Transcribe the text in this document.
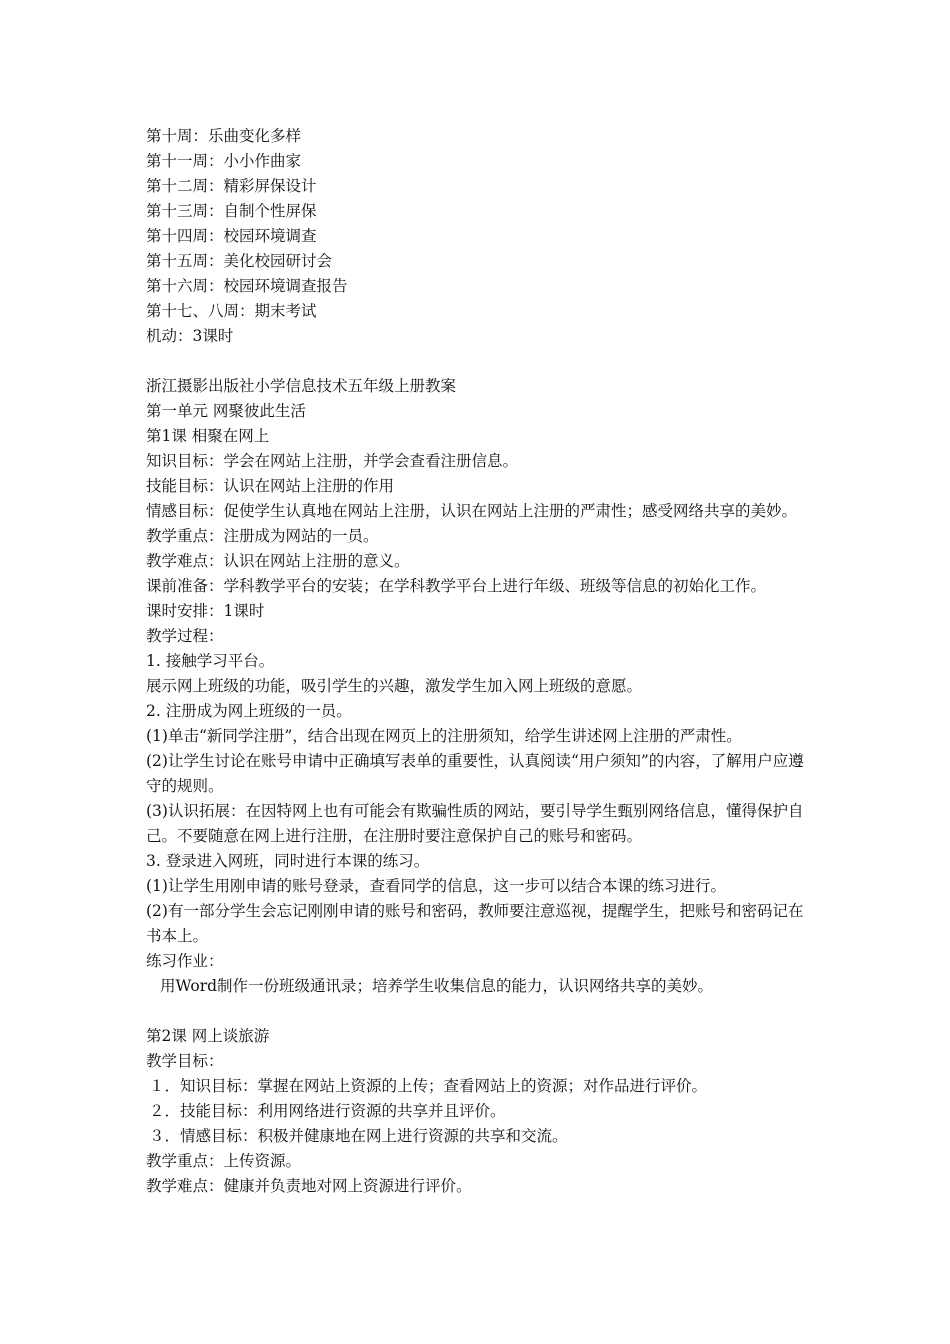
第十周：乐曲变化多样

第十一周：小小作曲家

第十二周：精彩屏保设计

第十三周：自制个性屏保

第十四周：校园环境调查

第十五周：美化校园研讨会

第十六周：校园环境调查报告

第十七、八周：期末考试

机动：3课时

浙江摄影出版社小学信息技术五年级上册教案

第一单元 网聚彼此生活

第1课 相聚在网上

知识目标：学会在网站上注册，并学会查看注册信息。

技能目标：认识在网站上注册的作用

情感目标：促使学生认真地在网站上注册，认识在网站上注册的严肃性；感受网络共享的美妙。

教学重点：注册成为网站的一员。

教学难点：认识在网站上注册的意义。

课前准备：学科教学平台的安装；在学科教学平台上进行年级、班级等信息的初始化工作。

课时安排：1课时

教学过程：

1. 接触学习平台。

展示网上班级的功能，吸引学生的兴趣，激发学生加入网上班级的意愿。

2. 注册成为网上班级的一员。

(1)单击“新同学注册”，结合出现在网页上的注册须知，给学生讲述网上注册的严肃性。

(2)让学生讨论在账号申请中正确填写表单的重要性，认真阅读“用户须知”的内容，了解用户应遵守的规则。

(3)认识拓展：在因特网上也有可能会有欺骗性质的网站，要引导学生甄别网络信息，懂得保护自己。不要随意在网上进行注册，在注册时要注意保护自己的账号和密码。

3. 登录进入网班，同时进行本课的练习。

(1)让学生用刚申请的账号登录，查看同学的信息，这一步可以结合本课的练习进行。

(2)有一部分学生会忘记刚刚申请的账号和密码，教师要注意巡视，提醒学生，把账号和密码记在书本上。

练习作业：

用Word制作一份班级通讯录；培养学生收集信息的能力，认识网络共享的美妙。

第2课 网上谈旅游

教学目标：

１．知识目标：掌握在网站上资源的上传；查看网站上的资源；对作品进行评价。

２．技能目标：利用网络进行资源的共享并且评价。

３．情感目标：积极并健康地在网上进行资源的共享和交流。

教学重点：上传资源。

教学难点：健康并负责地对网上资源进行评价。
